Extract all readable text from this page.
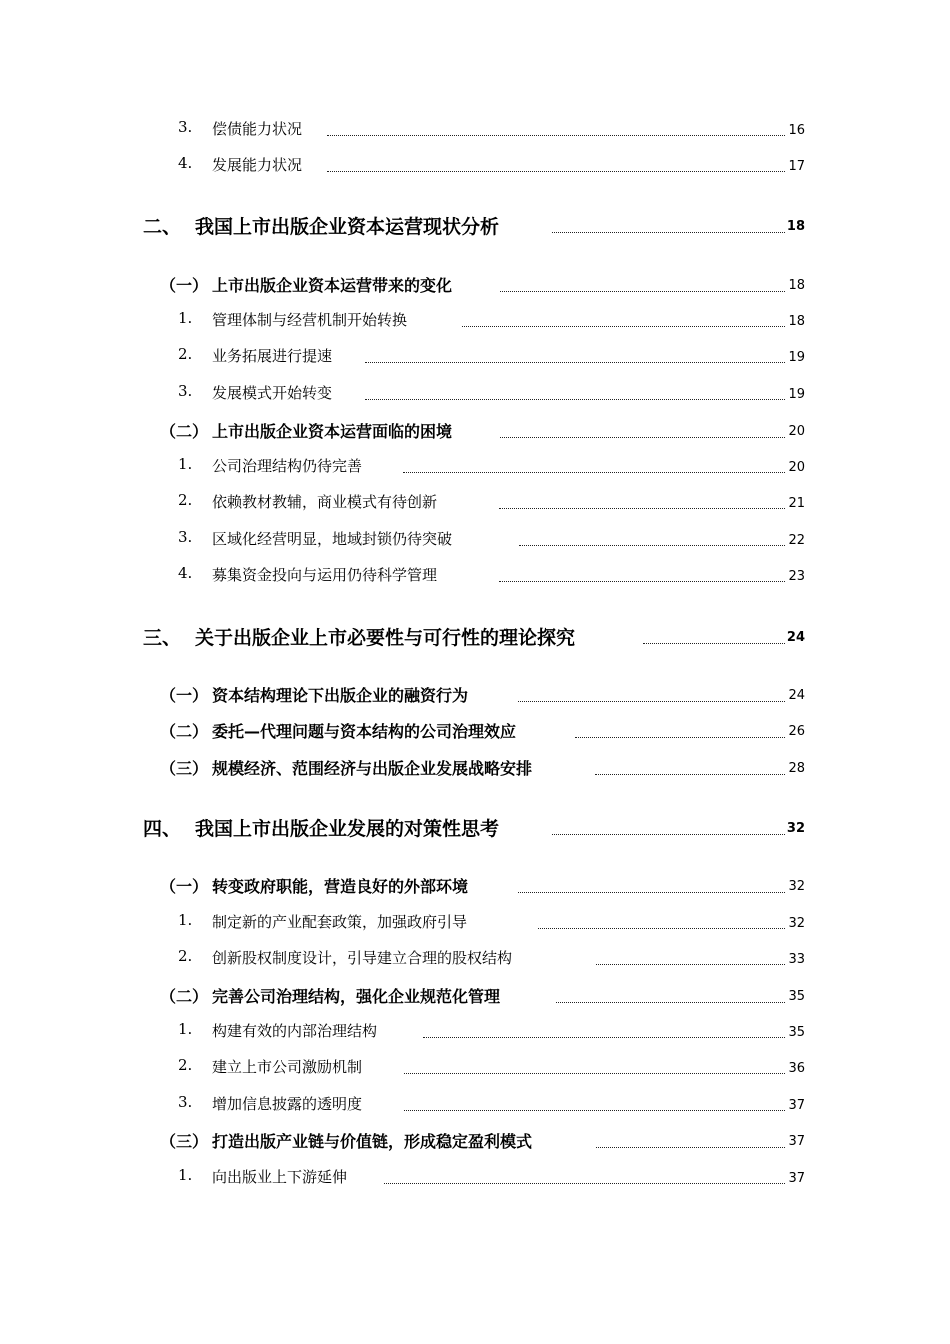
3. 偿债能力状况	16
4. 发展能力状况	17
二、 我国上市出版企业资本运营现状分析	18
（一） 上市出版企业资本运营带来的变化	18
1. 管理体制与经营机制开始转换	18
2. 业务拓展进行提速	19
3. 发展模式开始转变	19
（二） 上市出版企业资本运营面临的困境	20
1. 公司治理结构仍待完善	20
2. 依赖教材教辅，商业模式有待创新	21
3. 区域化经营明显，地域封锁仍待突破	22
4. 募集资金投向与运用仍待科学管理	23
三、 关于出版企业上市必要性与可行性的理论探究	24
（一） 资本结构理论下出版企业的融资行为	24
（二） 委托—代理问题与资本结构的公司治理效应	26
（三） 规模经济、范围经济与出版企业发展战略安排	28
四、 我国上市出版企业发展的对策性思考	32
（一） 转变政府职能，营造良好的外部环境	32
1. 制定新的产业配套政策，加强政府引导	32
2. 创新股权制度设计，引导建立合理的股权结构	33
（二） 完善公司治理结构，强化企业规范化管理	35
1. 构建有效的内部治理结构	35
2. 建立上市公司激励机制	36
3. 增加信息披露的透明度	37
（三） 打造出版产业链与价值链，形成稳定盈利模式	37
1. 向出版业上下游延伸	37
